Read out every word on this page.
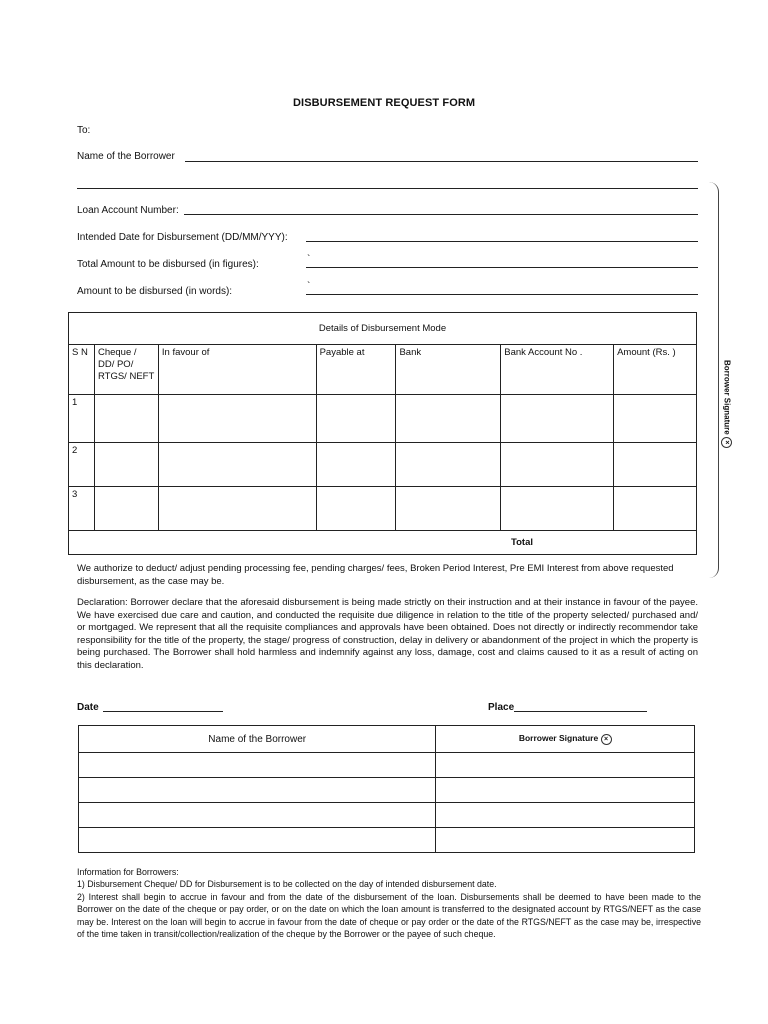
DISBURSEMENT REQUEST FORM
To:
Name of the Borrower
Loan Account Number:
Intended Date for Disbursement (DD/MM/YYY):
Total Amount to be disbursed (in figures):	`
Amount to be disbursed (in words):	`
Details of Disbursement Mode						
S N	Cheque / DD/ PO/ RTGS/ NEFT	In favour of	Payable at	Bank	Bank Account No .	Amount (Rs. )
1						
2						
3						
Total						
Borrower Signature ×
We authorize to deduct/ adjust pending processing fee, pending charges/ fees, Broken Period Interest, Pre EMI Interest from above requested disbursement, as the case may be.
Declaration: Borrower declare that the aforesaid disbursement is being made strictly on their instruction and at their instance in favour of the payee. We have exercised due care and caution, and conducted the requisite due diligence in relation to the title of the property selected/ purchased and/ or mortgaged. We represent that all the requisite compliances and approvals have been obtained. Does not directly or indirectly recommendor take responsibility for the title of the property, the stage/ progress of construction, delay in delivery or abandonment of the project in which the property is being purchased. The Borrower shall hold harmless and indemnify against any loss, damage, cost and claims caused to it as a result of acting on this declaration.
Date	Place
Name of the Borrower	Borrower Signature ×

Information for Borrowers:
1) Disbursement Cheque/ DD for Disbursement is to be collected on the day of intended disbursement date.
2) Interest shall begin to accrue in favour and from the date of the disbursement of the loan. Disbursements shall be deemed to have been made to the Borrower on the date of the cheque or pay order, or on the date on which the loan amount is transferred to the designated account by RTGS/NEFT as the case may be. Interest on the loan will begin to accrue in favour from the date of cheque or pay order or the date of the RTGS/NEFT as the case may be, irrespective of the time taken in transit/collection/realization of the cheque by the Borrower or the payee of such cheque.
